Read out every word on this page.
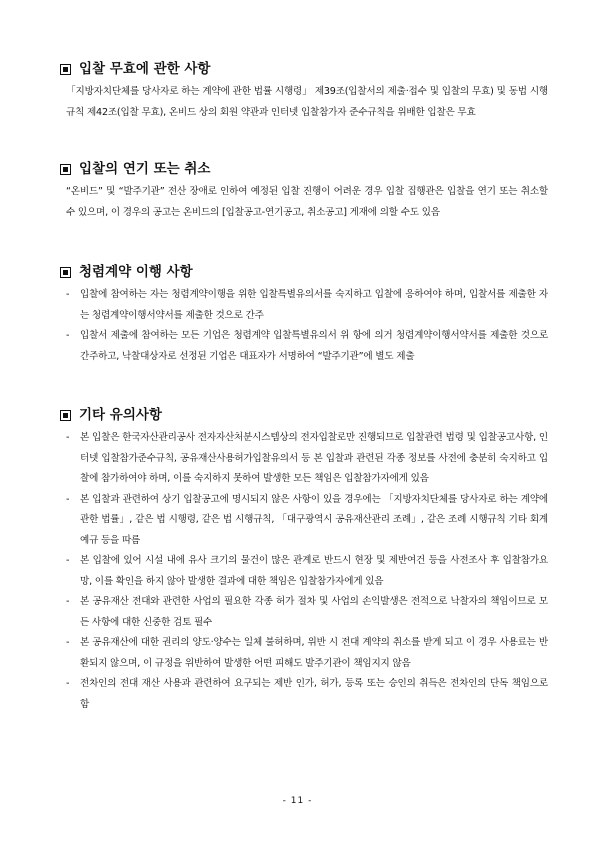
입찰 무효에 관한 사항
「지방자치단체를 당사자로 하는 계약에 관한 법률 시행령」 제39조(입찰서의 제출·접수 및 입찰의 무효) 및 동법 시행규칙 제42조(입찰 무효), 온비드 상의 회원 약관과 인터넷 입찰참가자 준수규칙을 위배한 입찰은 무효
입찰의 연기 또는 취소
“온비드” 및 “발주기관” 전산 장애로 인하여 예정된 입찰 진행이 어려운 경우 입찰 집행관은 입찰을 연기 또는 취소할 수 있으며, 이 경우의 공고는 온비드의 [입찰공고-연기공고, 취소공고] 게재에 의할 수도 있음
청렴계약 이행 사항
- 입찰에 참여하는 자는 청렴계약이행을 위한 입찰특별유의서를 숙지하고 입찰에 응하여야 하며, 입찰서를 제출한 자는 청렴계약이행서약서를 제출한 것으로 간주
- 입찰서 제출에 참여하는 모든 기업은 청렴계약 입찰특별유의서 위 항에 의거 청렴계약이행서약서를 제출한 것으로 간주하고, 낙찰대상자로 선정된 기업은 대표자가 서명하여 “발주기관”에 별도 제출
기타 유의사항
- 본 입찰은 한국자산관리공사 전자자산처분시스템상의 전자입찰로만 진행되므로 입찰관련 법령 및 입찰공고사항, 인터넷 입찰참가준수규칙, 공유재산사용허가입찰유의서 등 본 입찰과 관련된 각종 정보를 사전에 충분히 숙지하고 입찰에 참가하여야 하며, 이를 숙지하지 못하여 발생한 모든 책임은 입찰참가자에게 있음
- 본 입찰과 관련하여 상기 입찰공고에 명시되지 않은 사항이 있을 경우에는 「지방자치단체를 당사자로 하는 계약에 관한 법률」, 같은 법 시행령, 같은 법 시행규칙, 「대구광역시 공유재산관리 조례」, 같은 조례 시행규칙 기타 회계 예규 등을 따름
- 본 입찰에 있어 시설 내에 유사 크기의 물건이 많은 관계로 반드시 현장 및 제반여건 등을 사전조사 후 입찰참가요망, 이를 확인을 하지 않아 발생한 결과에 대한 책임은 입찰참가자에게 있음
- 본 공유재산 전대와 관련한 사업의 필요한 각종 허가 절차 및 사업의 손익발생은 전적으로 낙찰자의 책임이므로 모든 사항에 대한 신중한 검토 필수
- 본 공유재산에 대한 권리의 양도·양수는 일체 불허하며, 위반 시 전대 계약의 취소를 받게 되고 이 경우 사용료는 반환되지 않으며, 이 규정을 위반하여 발생한 어떤 피해도 발주기관이 책임지지 않음
- 전차인의 전대 재산 사용과 관련하여 요구되는 제반 인가, 허가, 등록 또는 승인의 취득은 전차인의 단독 책임으로 함
- 11 -
